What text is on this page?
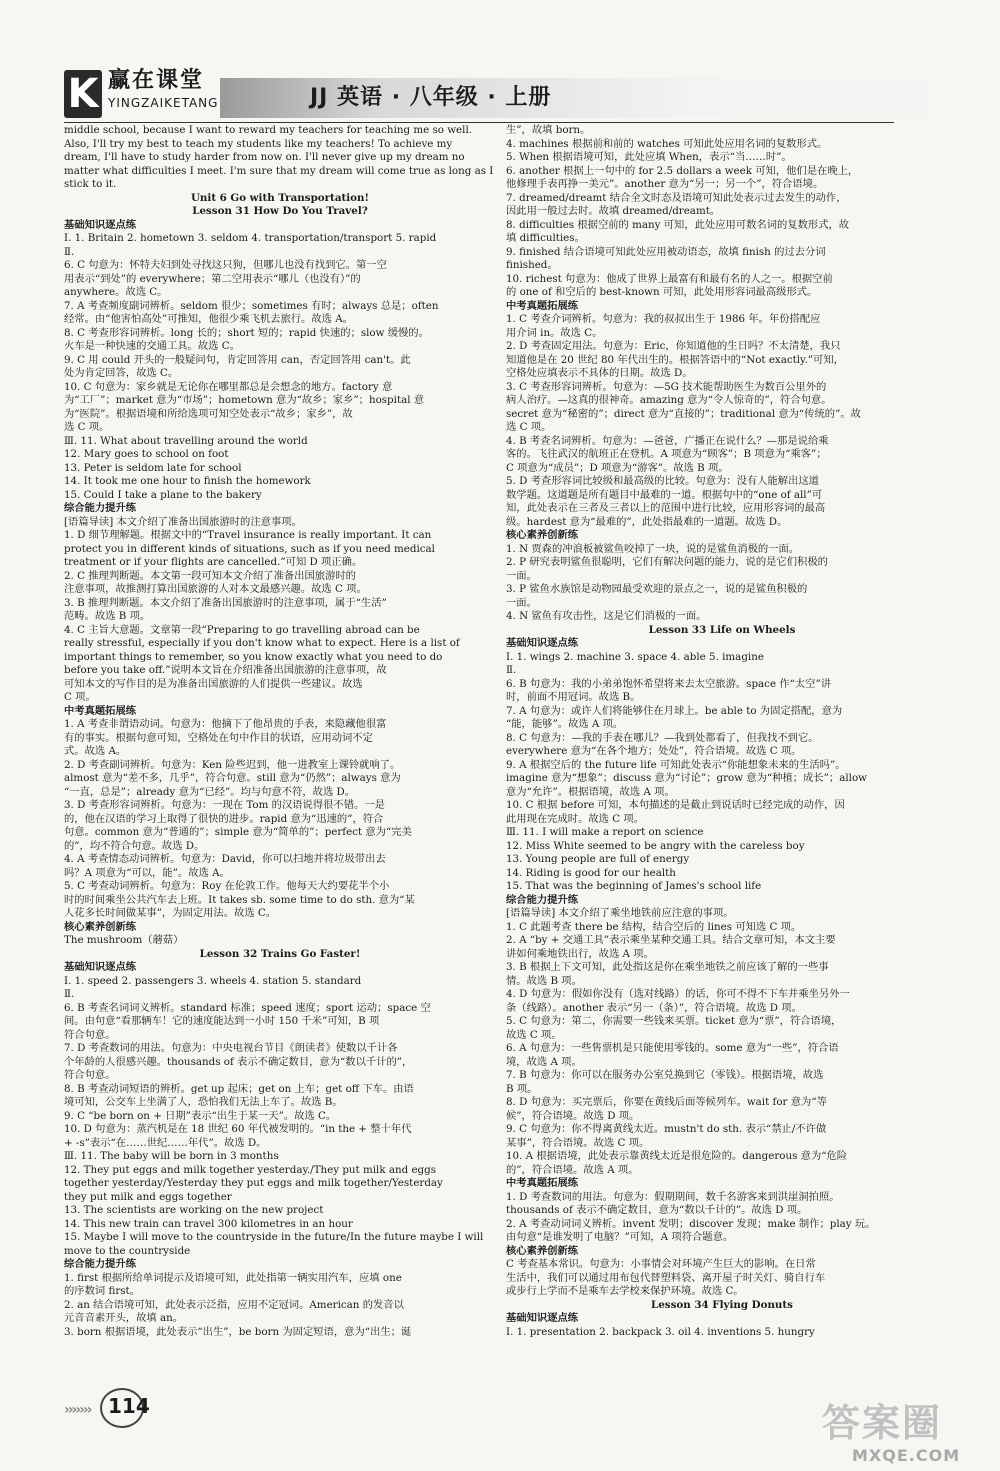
K 赢在课堂
YINGZAIKETANG	JJ 英语 · 八年级 · 上册
middle school, because I want to reward my teachers for teaching me so well.
Also, I'll try my best to teach my students like my teachers! To achieve my
dream, I'll have to study harder from now on. I'll never give up my dream no
matter what difficulties I meet. I'm sure that my dream will come true as long as I
stick to it.
Unit 6 Go with Transportation!
Lesson 31 How Do You Travel?
基础知识逐点练
Ⅰ. 1. Britain 2. hometown 3. seldom 4. transportation/transport 5. rapid
Ⅱ.
6. C 句意为：怀特夫妇到处寻找这只狗，但哪儿也没有找到它。第一空
用表示“到处”的 everywhere；第二空用表示“哪儿（也没有）”的
anywhere。故选 C。
7. A 考查频度副词辨析。seldom 很少；sometimes 有时；always 总是；often
经常。由“他害怕高处”可推知，他很少乘飞机去旅行。故选 A。
8. C 考查形容词辨析。long 长的；short 短的；rapid 快速的；slow 缓慢的。
火车是一种快速的交通工具。故选 C。
9. C 用 could 开头的一般疑问句，肯定回答用 can，否定回答用 can't。此
处为肯定回答，故选 C。
10. C 句意为：家乡就是无论你在哪里都总是会想念的地方。factory 意
为“工厂”；market 意为“市场”；hometown 意为“故乡；家乡”；hospital 意
为“医院”。根据语境和所给选项可知空处表示“故乡；家乡”，故
选 C 项。
Ⅲ. 11. What about travelling around the world
12. Mary goes to school on foot
13. Peter is seldom late for school
14. It took me one hour to finish the homework
15. Could I take a plane to the bakery
综合能力提升练
[语篇导读] 本文介绍了准备出国旅游时的注意事项。
1. D 细节理解题。根据文中的“Travel insurance is really important. It can
protect you in different kinds of situations, such as if you need medical
treatment or if your flights are cancelled.”可知 D 项正确。
2. C 推理判断题。本文第一段可知本文介绍了准备出国旅游时的
注意事项，故推测打算出国旅游的人对本文最感兴趣。故选 C 项。
3. B 推理判断题。本文介绍了准备出国旅游时的注意事项，属于“生活”
范畴。故选 B 项。
4. C 主旨大意题。文章第一段“Preparing to go travelling abroad can be
really stressful, especially if you don't know what to expect. Here is a list of
important things to remember, so you know exactly what you need to do
before you take off.”说明本文旨在介绍准备出国旅游的注意事项，故
可知本文的写作目的是为准备出国旅游的人们提供一些建议。故选
C 项。
中考真题拓展练
1. A 考查非谓语动词。句意为：他摘下了他昂贵的手表，来隐藏他很富
有的事实。根据句意可知，空格处在句中作目的状语，应用动词不定
式。故选 A。
2. D 考查副词辨析。句意为：Ken 险些迟到，他一进教室上课铃就响了。
almost 意为“差不多，几乎”，符合句意。still 意为“仍然”；always 意为
“一直，总是”；already 意为“已经”。均与句意不符，故选 D。
3. D 考查形容词辨析。句意为：一现在 Tom 的汉语说得很不错。一是
的，他在汉语的学习上取得了很快的进步。rapid 意为“迅速的”，符合
句意。common 意为“普通的”；simple 意为“简单的”；perfect 意为“完美
的”，均不符合句意。故选 D。
4. A 考查情态动词辨析。句意为：David，你可以扫地并将垃圾带出去
吗？A 项意为“可以，能”。故选 A。
5. C 考查动词辨析。句意为：Roy 在伦敦工作。他每天大约要花半个小
时的时间乘坐公共汽车去上班。It takes sb. some time to do sth. 意为“某
人花多长时间做某事”，为固定用法。故选 C。
核心素养创新练
The mushroom（蘑菇）
Lesson 32 Trains Go Faster!
基础知识逐点练
Ⅰ. 1. speed 2. passengers 3. wheels 4. station 5. standard
Ⅱ.
6. B 考查名词词义辨析。standard 标准；speed 速度；sport 运动；space 空
间。由句意“看那辆车！它的速度能达到一小时 150 千米”可知，B 项
符合句意。
7. D 考查数词的用法。句意为：中央电视台节目《朗读者》使数以千计各
个年龄的人很感兴趣。thousands of 表示不确定数目，意为“数以千计的”，
符合句意。
8. B 考查动词短语的辨析。get up 起床；get on 上车；get off 下车。由语
境可知，公交车上坐满了人，恐怕我们无法上车了。故选 B。
9. C “be born on + 日期”表示“出生于某一天”。故选 C。
10. D 句意为：蒸汽机是在 18 世纪 60 年代被发明的。“in the + 整十年代
+ -s”表示“在……世纪……年代”。故选 D。
Ⅲ. 11. The baby will be born in 3 months
12. They put eggs and milk together yesterday./They put milk and eggs
together yesterday/Yesterday they put eggs and milk together/Yesterday
they put milk and eggs together
13. The scientists are working on the new project
14. This new train can travel 300 kilometres in an hour
15. Maybe I will move to the countryside in the future/In the future maybe I will
move to the countryside
综合能力提升练
1. first 根据所给单词提示及语境可知，此处指第一辆实用汽车，应填 one
的序数词 first。
2. an 结合语境可知，此处表示泛指，应用不定冠词。American 的发音以
元音音素开头，故填 an。
3. born 根据语境，此处表示“出生”，be born 为固定短语，意为“出生；诞
生”，故填 born。
4. machines 根据前和前的 watches 可知此处应用名词的复数形式。
5. When 根据语境可知，此处应填 When，表示“当……时”。
6. another 根据上一句中的 for 2.5 dollars a week 可知，他们是在晚上，
他修理手表再挣一美元”。another 意为“另一；另一个”，符合语境。
7. dreamed/dreamt 结合全文时态及语境可知此处表示过去发生的动作，
因此用一般过去时。故填 dreamed/dreamt。
8. difficulties 根据空前的 many 可知，此处应用可数名词的复数形式，故
填 difficulties。
9. finished 结合语境可知此处应用被动语态，故填 finish 的过去分词
finished。
10. richest 句意为：他成了世界上最富有和最有名的人之一。根据空前
的 one of 和空后的 best-known 可知，此处用形容词最高级形式。
中考真题拓展练
1. C 考查介词辨析。句意为：我的叔叔出生于 1986 年。年份搭配应
用介词 in。故选 C。
2. D 考查固定用法。句意为：Eric，你知道他的生日吗？不太清楚，我只
知道他是在 20 世纪 80 年代出生的。根据答语中的“Not exactly.”可知，
空格处应填表示不具体的日期。故选 D。
3. C 考查形容词辨析。句意为：—5G 技术能帮助医生为数百公里外的
病人治疗。—这真的很神奇。amazing 意为“令人惊奇的”，符合句意。
secret 意为“秘密的”；direct 意为“直接的”；traditional 意为“传统的”。故
选 C 项。
4. B 考查名词辨析。句意为：—爸爸，广播正在说什么？—那是说给乘
客的。飞往武汉的航班正在登机。A 项意为“顾客”；B 项意为“乘客”；
C 项意为“成员”；D 项意为“游客”。故选 B 项。
5. D 考查形容词比较级和最高级的比较。句意为：没有人能解出这道
数学题。这道题是所有题目中最难的一道。根据句中的“one of all”可
知，此处表示在三者及三者以上的范围中进行比较，应用形容词的最高
级。hardest 意为“最难的”，此处指最难的一道题。故选 D。
核心素养创新练
1. N 贾森的冲浪板被鲨鱼咬掉了一块，说的是鲨鱼消极的一面。
2. P 研究表明鲨鱼很聪明，它们有解决问题的能力，说的是它们积极的
一面。
3. P 鲨鱼水族馆是动物园最受欢迎的景点之一，说的是鲨鱼积极的
一面。
4. N 鲨鱼有攻击性，这是它们消极的一面。
Lesson 33 Life on Wheels
基础知识逐点练
Ⅰ. 1. wings 2. machine 3. space 4. able 5. imagine
Ⅱ.
6. B 句意为：我的小弟弟饱怀希望将来去太空旅游。space 作“太空”讲
时，前面不用冠词。故选 B。
7. A 句意为：或许人们将能够住在月球上。be able to 为固定搭配，意为
“能，能够”。故选 A 项。
8. C 句意为：—我的手表在哪儿？—我到处都看了，但我找不到它。
everywhere 意为“在各个地方；处处”，符合语境。故选 C 项。
9. A 根据空后的 the future life 可知此处表示“你能想象未来的生活吗”。
imagine 意为“想象”；discuss 意为“讨论”；grow 意为“种植；成长”；allow
意为“允许”。根据语境，故选 A 项。
10. C 根据 before 可知，本句描述的是截止到说话时已经完成的动作，因
此用现在完成时。故选 C 项。
Ⅲ. 11. I will make a report on science
12. Miss White seemed to be angry with the careless boy
13. Young people are full of energy
14. Riding is good for our health
15. That was the beginning of James's school life
综合能力提升练
[语篇导读] 本文介绍了乘坐地铁前应注意的事项。
1. C 此题考查 there be 结构，结合空后的 lines 可知选 C 项。
2. A “by + 交通工具”表示乘坐某种交通工具。结合文章可知，本文主要
讲如何乘地铁出行，故选 A 项。
3. B 根据上下文可知，此处指这是你在乘坐地铁之前应该了解的一些事
情。故选 B 项。
4. D 句意为：假如你没有（选对线路）的话，你可不得不下车并乘坐另外一
条（线路）。another 表示“另一（条）”，符合语境。故选 D 项。
5. C 句意为：第二，你需要一些钱来买票。ticket 意为“票”，符合语境，
故选 C 项。
6. A 句意为：一些售票机是只能使用零钱的。some 意为“一些”，符合语
境，故选 A 项。
7. B 句意为：你可以在服务办公室兑换到它（零钱）。根据语境，故选
B 项。
8. D 句意为：买完票后，你要在黄线后面等候列车。wait for 意为“等
候”，符合语境。故选 D 项。
9. C 句意为：你不得离黄线太近。mustn't do sth. 表示“禁止/不许做
某事”，符合语境。故选 C 项。
10. A 根据语境，此处表示靠黄线太近是很危险的。dangerous 意为“危险
的”，符合语境。故选 A 项。
中考真题拓展练
1. D 考查数词的用法。句意为：假期期间，数千名游客来到洪崖洞拍照。
thousands of 表示不确定数目，意为“数以千计的”。故选 D 项。
2. A 考查动词词义辨析。invent 发明；discover 发现；make 制作；play 玩。
由句意“是谁发明了电脑？”可知，A 项符合题意。
核心素养创新练
C 考查基本常识。句意为：小事情会对环境产生巨大的影响。在日常
生活中，我们可以通过用布包代替塑料袋、离开屋子时关灯、骑自行车
或步行上学而不是乘车去学校来保护环境。故选 C。
Lesson 34 Flying Donuts
基础知识逐点练
Ⅰ. 1. presentation 2. backpack 3. oil 4. inventions 5. hungry
››››››› 114	答案圈
MXQE.COM
